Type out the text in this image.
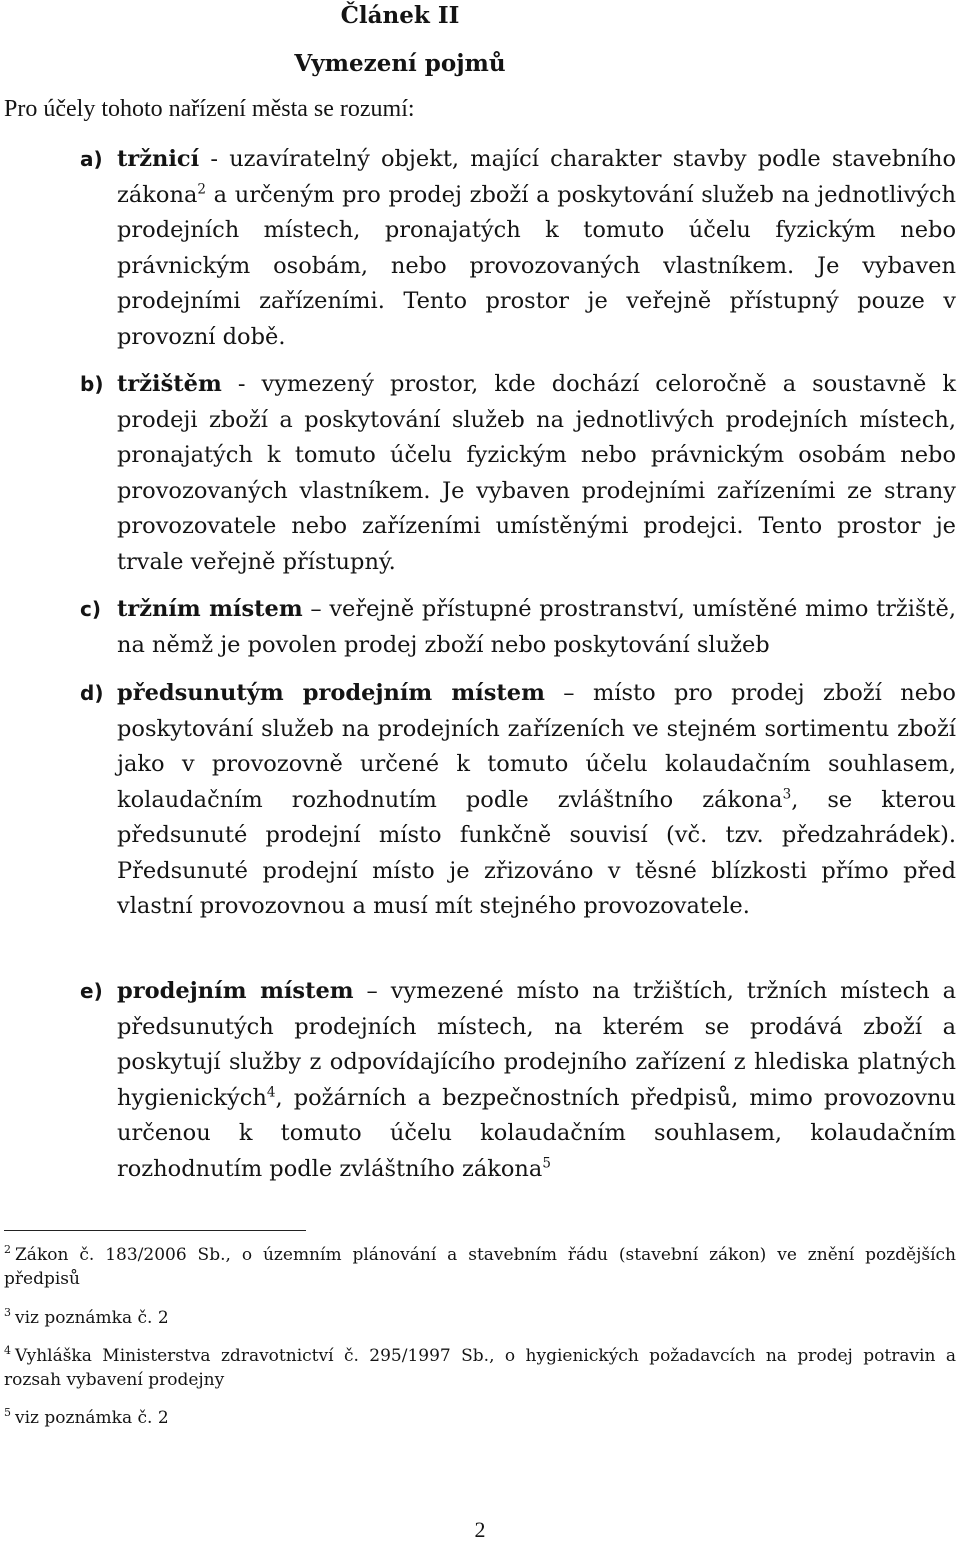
Článek II
Vymezení pojmů
Pro účely tohoto nařízení města se rozumí:
a) tržnicí - uzavíratelný objekt, mající charakter stavby podle stavebního zákona$^2$ a určeným pro prodej zboží a poskytování služeb na jednotlivých prodejních místech, pronajatých k tomuto účelu fyzickým nebo právnickým osobám, nebo provozovaných vlastníkem. Je vybaven prodejními zařízeními. Tento prostor je veřejně přístupný pouze v provozní době.
b) tržištěm - vymezený prostor, kde dochází celoročně a soustavně k prodeji zboží a poskytování služeb na jednotlivých prodejních místech, pronajatých k tomuto účelu fyzickým nebo právnickým osobám nebo provozovaných vlastníkem. Je vybaven prodejními zařízeními ze strany provozovatele nebo zařízeními umístěnými prodejci. Tento prostor je trvale veřejně přístupný.
c) tržním místem – veřejně přístupné prostranství, umístěné mimo tržiště, na němž je povolen prodej zboží nebo poskytování služeb
d) předsunutým prodejním místem – místo pro prodej zboží nebo poskytování služeb na prodejních zařízeních ve stejném sortimentu zboží jako v provozovně určené k tomuto účelu kolaudačním souhlasem, kolaudačním rozhodnutím podle zvláštního zákona$^3$, se kterou předsunuté prodejní místo funkčně souvisí (vč. tzv. předzahrádek). Předsunuté prodejní místo je zřizováno v těsné blízkosti přímo před vlastní provozovnou a musí mít stejného provozovatele.
e) prodejním místem – vymezené místo na tržištích, tržních místech a předsunutých prodejních místech, na kterém se prodává zboží a poskytují služby z odpovídajícího prodejního zařízení z hlediska platných hygienických$^4$, požárních a bezpečnostních předpisů, mimo provozovnu určenou k tomuto účelu kolaudačním souhlasem, kolaudačním rozhodnutím podle zvláštního zákona$^5$
$^2$ Zákon č. 183/2006 Sb., o územním plánování a stavebním řádu (stavební zákon) ve znění pozdějších předpisů
$^3$ viz poznámka č. 2
$^4$ Vyhláška Ministerstva zdravotnictví č. 295/1997 Sb., o hygienických požadavcích na prodej potravin a rozsah vybavení prodejny
$^5$ viz poznámka č. 2
2
